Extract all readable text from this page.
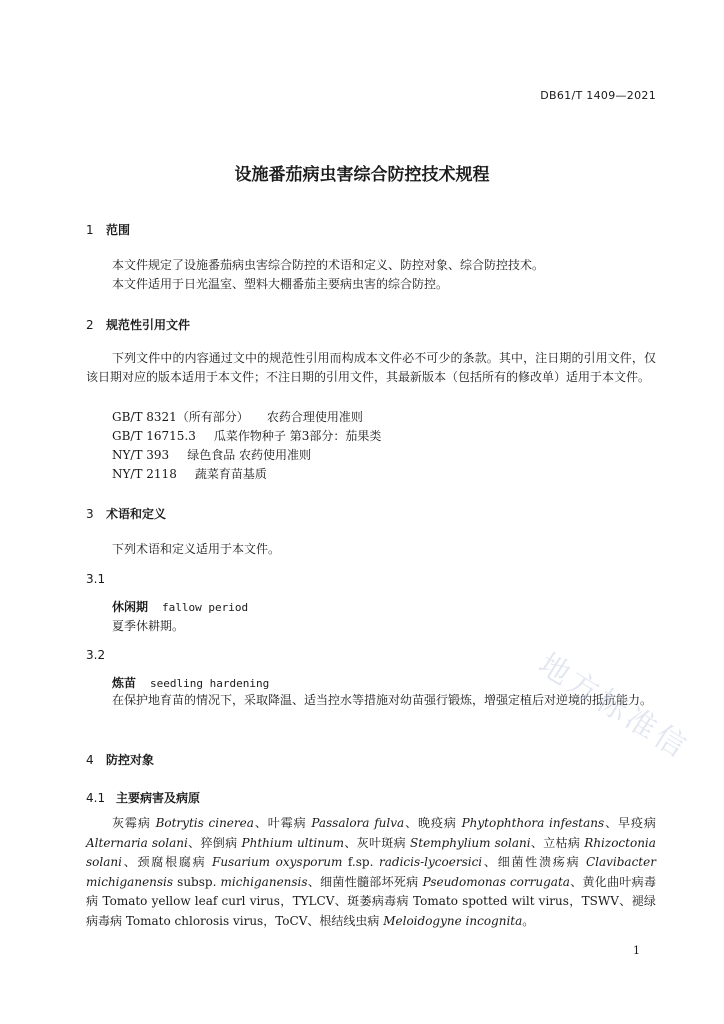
DB61/T 1409—2021
设施番茄病虫害综合防控技术规程
1 范围
本文件规定了设施番茄病虫害综合防控的术语和定义、防控对象、综合防控技术。
本文件适用于日光温室、塑料大棚番茄主要病虫害的综合防控。
2 规范性引用文件
下列文件中的内容通过文中的规范性引用而构成本文件必不可少的条款。其中，注日期的引用文件，仅该日期对应的版本适用于本文件；不注日期的引用文件，其最新版本（包括所有的修改单）适用于本文件。
GB/T 8321（所有部分） 农药合理使用准则
GB/T 16715.3 瓜菜作物种子 第3部分：茄果类
NY/T 393 绿色食品 农药使用准则
NY/T 2118 蔬菜育苗基质
3 术语和定义
下列术语和定义适用于本文件。
3.1
休闲期 fallow period
夏季休耕期。
3.2
炼苗 seedling hardening
在保护地育苗的情况下，采取降温、适当控水等措施对幼苗强行锻炼，增强定植后对逆境的抵抗能力。
4 防控对象
4.1 主要病害及病原
灰霉病 Botrytis cinerea、叶霉病 Passalora fulva、晚疫病 Phytophthora infestans、早疫病 Alternaria solani、猝倒病 Phthium ultinum、灰叶斑病 Stemphylium solani、立枯病 Rhizoctonia solani、颈腐根腐病 Fusarium oxysporum f.sp. radicis-lycoersici、细菌性溃疡病 Clavibacter michiganensis subsp. michiganensis、细菌性髓部坏死病 Pseudomonas corrugata、黄化曲叶病毒病 Tomato yellow leaf curl virus，TYLCV、斑萎病毒病 Tomato spotted wilt virus，TSWV、褪绿病毒病 Tomato chlorosis virus，ToCV、根结线虫病 Meloidogyne incognita。
1
地方标准信
